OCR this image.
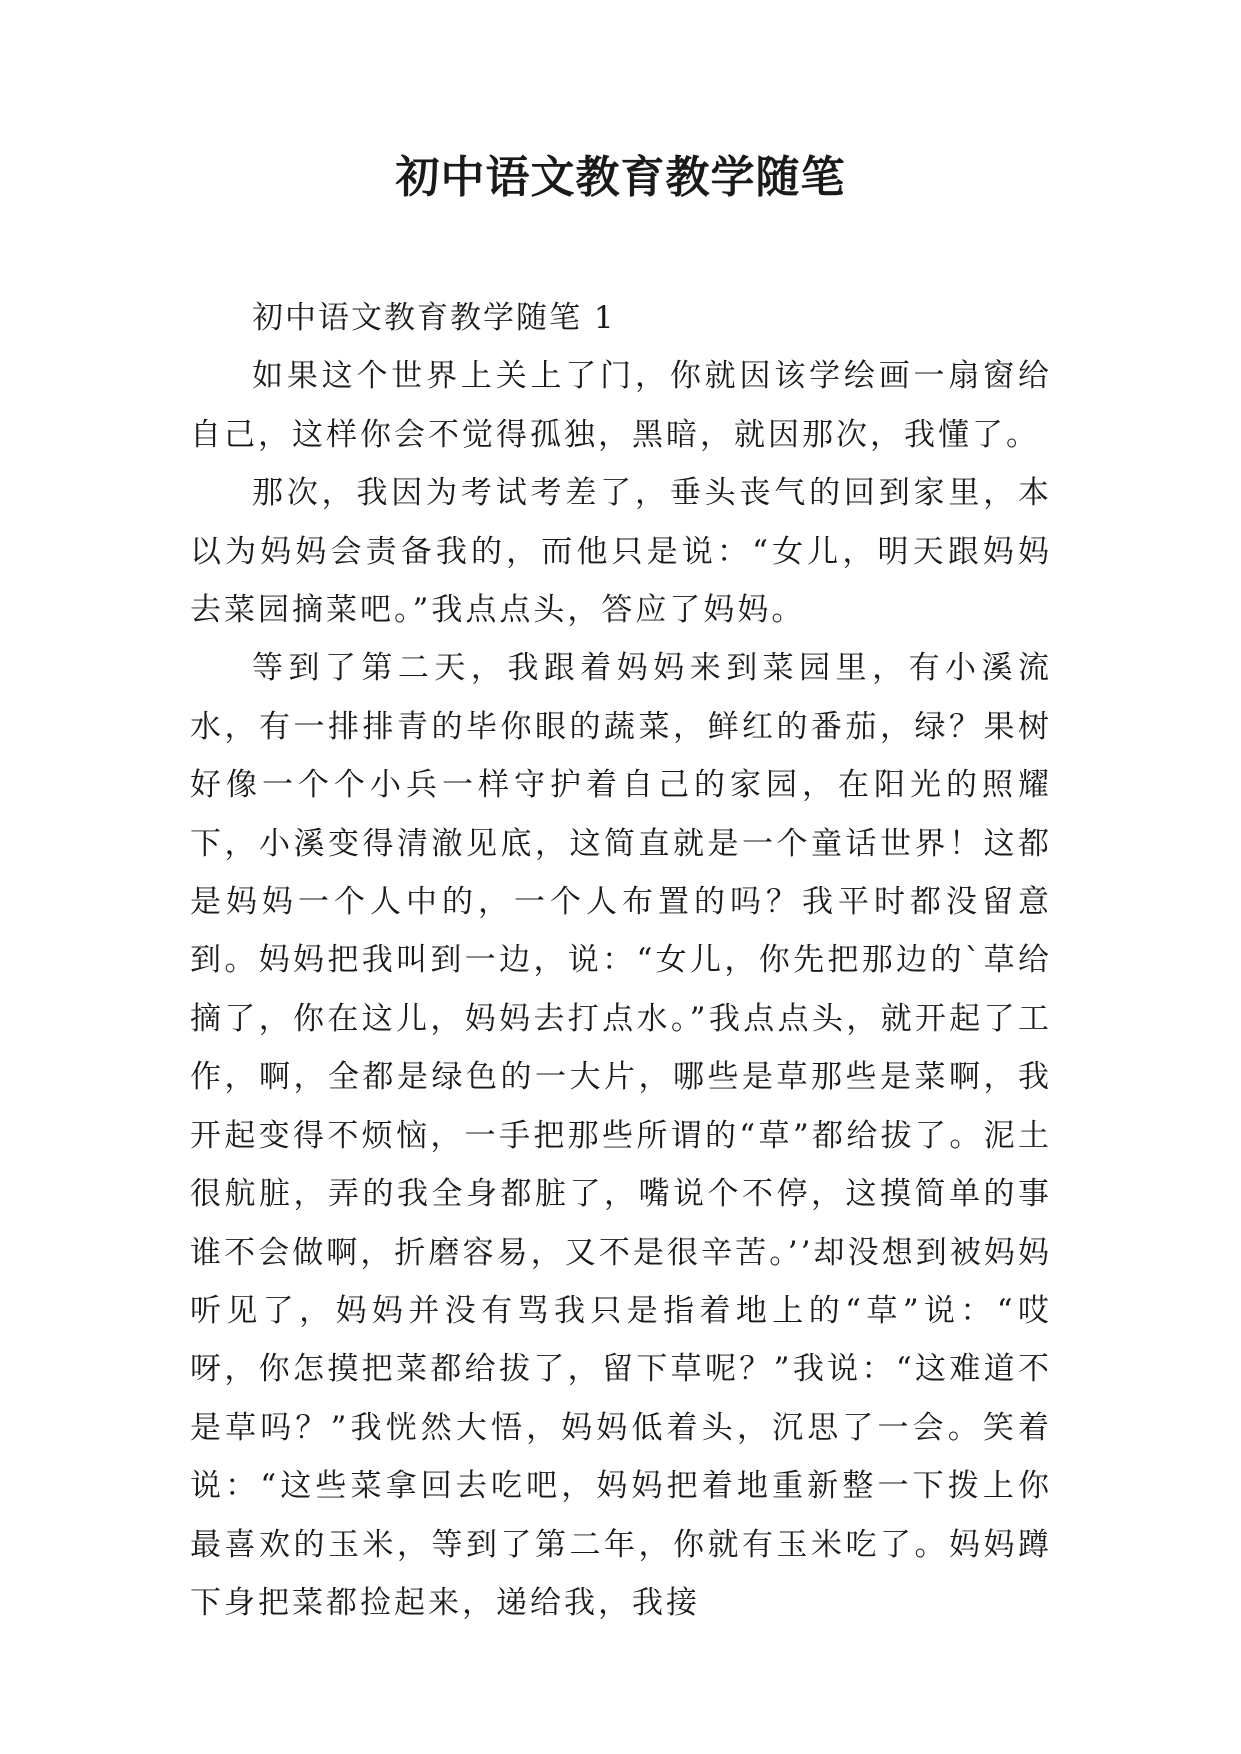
初中语文教育教学随笔

初中语文教育教学随笔 1

如果这个世界上关上了门，你就因该学绘画一扇窗给自己，这样你会不觉得孤独，黑暗，就因那次，我懂了。

那次，我因为考试考差了，垂头丧气的回到家里，本以为妈妈会责备我的，而他只是说：“女儿，明天跟妈妈去菜园摘菜吧。”我点点头，答应了妈妈。

等到了第二天，我跟着妈妈来到菜园里，有小溪流水，有一排排青的毕你眼的蔬菜，鲜红的番茄，绿？果树好像一个个小兵一样守护着自己的家园，在阳光的照耀下，小溪变得清澈见底，这简直就是一个童话世界！这都是妈妈一个人中的，一个人布置的吗？我平时都没留意到。妈妈把我叫到一边，说：“女儿，你先把那边的`草给摘了，你在这儿，妈妈去打点水。”我点点头，就开起了工作，啊，全都是绿色的一大片，哪些是草那些是菜啊，我开起变得不烦恼，一手把那些所谓的“草”都给拔了。泥土很航脏，弄的我全身都脏了，嘴说个不停，这摸简单的事谁不会做啊，折磨容易，又不是很辛苦。’’却没想到被妈妈听见了，妈妈并没有骂我只是指着地上的“草”说：“哎呀，你怎摸把菜都给拔了，留下草呢？”我说：“这难道不是草吗？”我恍然大悟，妈妈低着头，沉思了一会。笑着说：“这些菜拿回去吃吧，妈妈把着地重新整一下拨上你最喜欢的玉米，等到了第二年，你就有玉米吃了。妈妈蹲下身把菜都捡起来，递给我，我接
